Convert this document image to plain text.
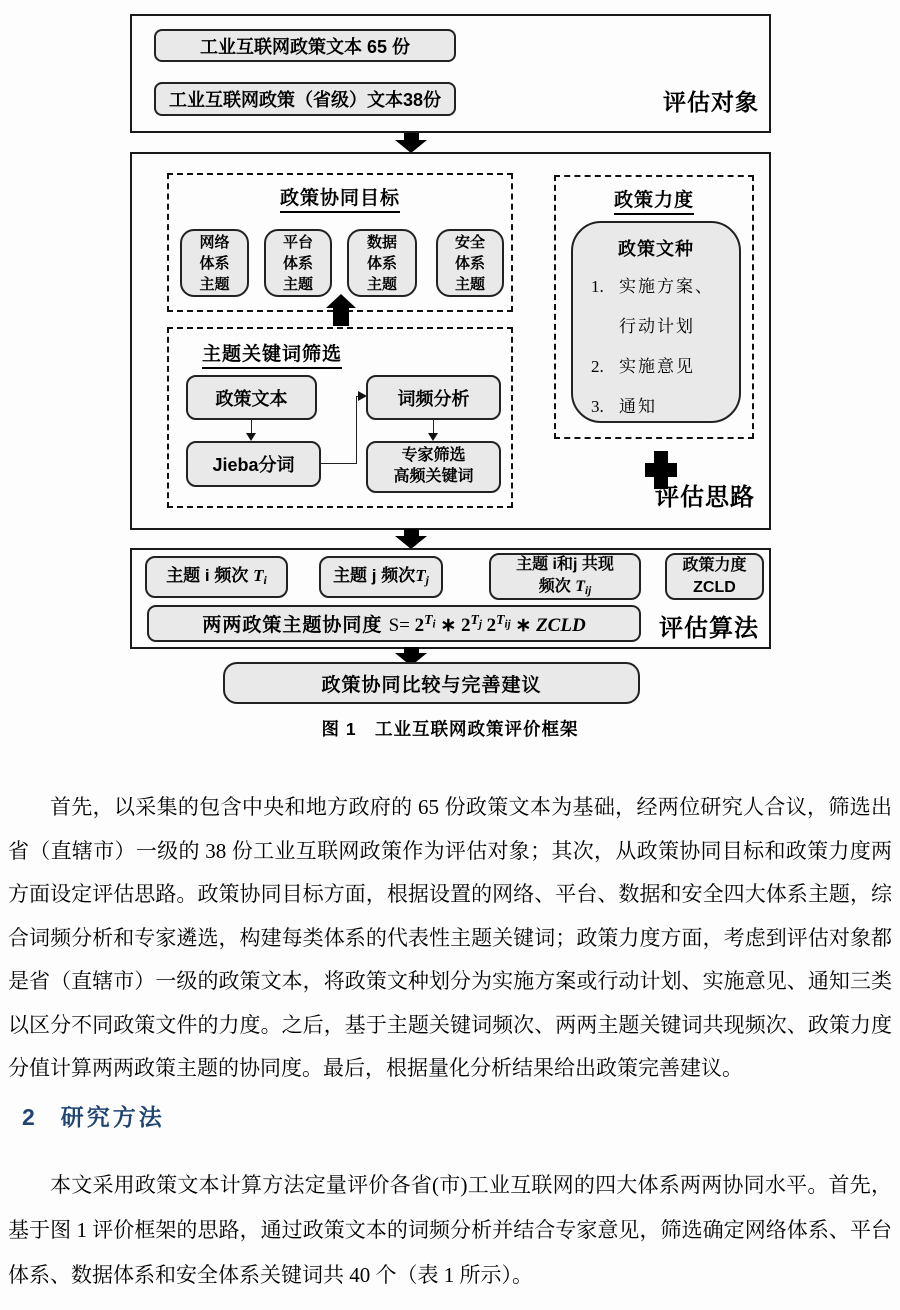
工业互联网政策文本 65 份
工业互联网政策（省级）文本38份	评估对象
政策协同目标
网络
体系
主题
平台
体系
主题
数据
体系
主题
安全
体系
主题
主题关键词筛选
政策文本
Jieba分词
词频分析
专家筛选
高频关键词
政策力度
政策文种
1. 实施方案、
行动计划
2. 实施意见
3. 通知
评估思路
主题 i 频次 Ti	主题 j 频次Tj
主题 i和j 共现
频次 Tij
政策力度
ZCLD
两两政策主题协同度 $S= 2^Ti$ ∗ $2^Tj$ $2^Tij$ ∗ ZCLD	评估算法
政策协同比较与完善建议
图 1　工业互联网政策评价框架
首先，以采集的包含中央和地方政府的 65 份政策文本为基础，经两位研究人合议，筛选出省（直辖市）一级的 38 份工业互联网政策作为评估对象；其次，从政策协同目标和政策力度两方面设定评估思路。政策协同目标方面，根据设置的网络、平台、数据和安全四大体系主题，综合词频分析和专家遴选，构建每类体系的代表性主题关键词；政策力度方面，考虑到评估对象都是省（直辖市）一级的政策文本，将政策文种划分为实施方案或行动计划、实施意见、通知三类以区分不同政策文件的力度。之后，基于主题关键词频次、两两主题关键词共现频次、政策力度分值计算两两政策主题的协同度。最后，根据量化分析结果给出政策完善建议。
2 研究方法
本文采用政策文本计算方法定量评价各省(市)工业互联网的四大体系两两协同水平。首先，基于图 1 评价框架的思路，通过政策文本的词频分析并结合专家意见，筛选确定网络体系、平台体系、数据体系和安全体系关键词共 40 个（表 1 所示）。
